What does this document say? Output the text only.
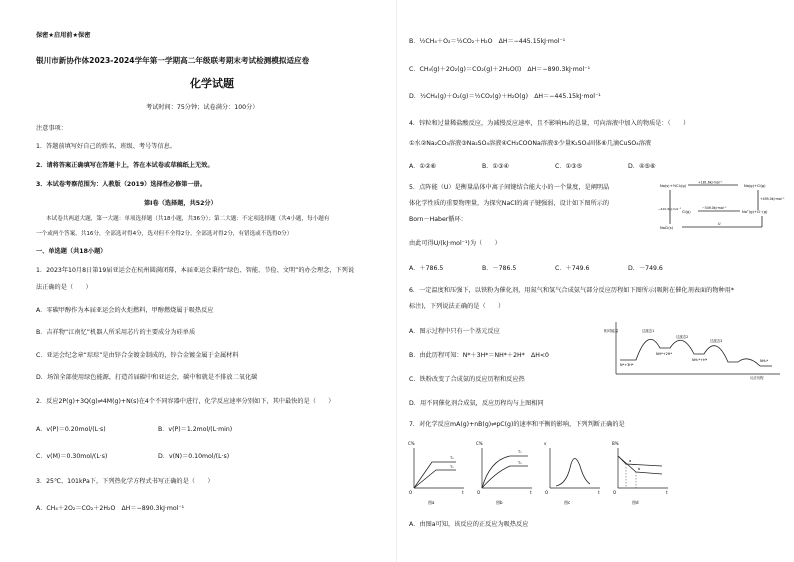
保密★启用前★保密
银川市新协作体2023-2024学年第一学期高二年级联考期末考试检测模拟适应卷
化学试题
考试时间：75分钟；试卷满分：100分）
注意事项：
1．答题前填写好自己的姓名、班级、考号等信息。
2．请将答案正确填写在答题卡上，答在本试卷或草稿纸上无效。
3．本试卷考察范围为：人教版（2019）选择性必修第一册。
第Ⅰ卷（选择题，共52分）
本试卷共两道大题，第一大题：单项选择题（共18小题，共36分）；第二大题：不定项选择题（共4小题，每小题有
一个或两个答案，共16分，全部选对得4分，选对但不全得2分，全部选对得2分，有错选或不选得0分）
一、单选题（共18小题）
1．2023年10月8日第19届亚运会在杭州圆满闭幕，本届亚运会秉持“绿色、智能、节俭、文明”的办会理念，下列说
法正确的是（　　）
A．零碳甲醇作为本届亚运会的火炬燃料，甲醇燃烧属于吸热反应
B．吉祥物“江南忆”机器人所采用芯片的主要成分为硅单质
C．亚运会纪念章“琮琮”是由锌合金镀金制成的，锌合金镀金属于金属材料
D．场馆全部使用绿色能源，打造首届碳中和亚运会，碳中和就是不排放二氧化碳
2．反应2P(g)+3Q(g)⇌4M(g)+N(s)在4个不同容器中进行，化学反应速率分别如下，其中最快的是（　　）
A．v(P)＝0.20mol/(L·s)	B．v(P)＝1.2mol/(L·min)
C．v(M)＝0.30mol/(L·s)	D．v(N)＝0.10mol/(L·s)
3．25℃、101kPa下，下列热化学方程式书写正确的是（　　）
A．CH₄＋2O₂＝CO₂＋2H₂O　ΔH＝−890.3kJ·mol⁻¹
B．½CH₄＋O₂＝½CO₂＋H₂O　ΔH＝−445.15kJ·mol⁻¹
C．CH₄(g)＋2O₂(g)＝CO₂(g)＋2H₂O(l)　ΔH＝−890.3kJ·mol⁻¹
D．½CH₄(g)＋O₂(g)＝½CO₂(g)＋H₂O(g)　ΔH＝−445.15kJ·mol⁻¹
4．锌粒和过量稀盐酸反应，为减慢反应速率，且不影响H₂的总量，可向溶液中加入的物质是：（　　）
①水②Na₂CO₃溶液③Na₂SO₄溶液④CH₃COONa溶液⑤少量K₂SO₄固体⑥几滴CuSO₄溶液
A．①②⑥	B．①③④	C．①③⑤	D．④⑤⑥
5．点阵能（U）是衡量晶体中离子间键结合能大小的一个量度，是阐明晶
体化学性质的重要物理量，为探究NaCl的离子键强弱，设计如下图所示的
Born－Haber循环：
由此可得U/(kJ·mol⁻¹)为（　　）
A．＋786.5	B．－786.5	C．＋749.6	D．－749.6
Na(s)+½Cl₂(g)
+181.6kJ·mol⁻¹
Na(g)+Cl(g)
+495.0kJ·mol⁻¹
−410.9kJ·mol⁻¹
Cl(g)
−349.0kJ·mol⁻¹
Na⁺(g)+Cl⁻(g)
NaCl(s)
U
6．一定温度和压强下，以铁粉为催化剂，用氮气和氢气合成氨气部分反应历程如下图所示(吸附在催化剂表面的物种用*
标注)，下列说法正确的是（　　）
A．图示过程中只有一个基元反应
B．由此历程可知：N*＋3H*＝NH*＋2H*　ΔH<0
C．铁粉改变了合成氨的反应历程和反应热
D．用不同催化剂合成氨，反应历程均与上图相同
相对能量
N*+3H*
过渡态1
过渡态2
过渡态3
NH*+2H*
NH₂*+H*	NH₃*
反应历程
7．对化学反应mA(g)+nB(g)⇌pC(g)的速率和平衡的影响，下列判断正确的是
C%
T₂
T₁
O	t
图a
C%
T₁
T₂
O	t
图b
v
O	t
图c
B%
a
b
O	t
图d
A．由图a可知，该反应的正反应为吸热反应
